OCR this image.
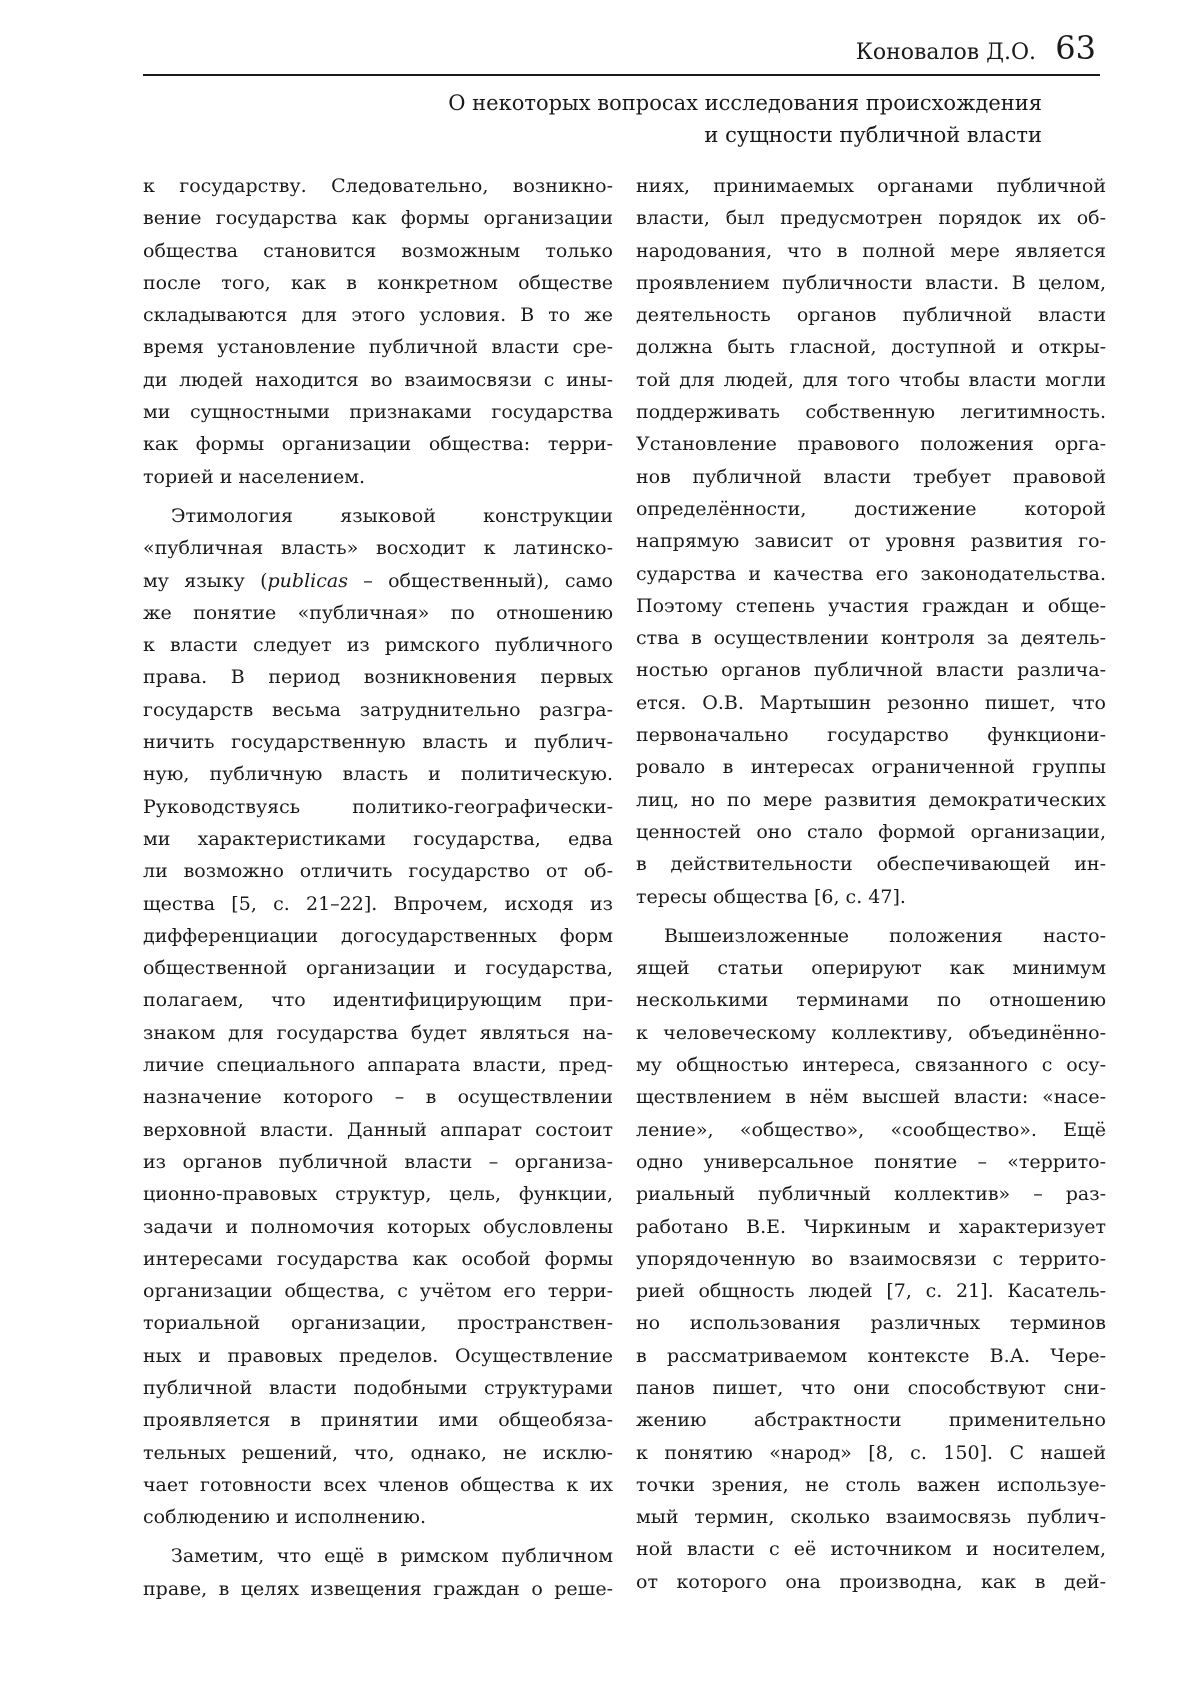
Коновалов Д.О. 63
О некоторых вопросах исследования происхождения
и сущности публичной власти

к государству. Следовательно, возникно-

вение государства как формы организации

общества становится возможным только

после того, как в конкретном обществе

складываются для этого условия. В то же

время установление публичной власти сре-

ди людей находится во взаимосвязи с ины-

ми сущностными признаками государства

как формы организации общества: терри-

торией и населением.

Этимология языковой конструкции

«публичная власть» восходит к латинско-

му языку (publicas – общественный), само

же понятие «публичная» по отношению

к власти следует из римского публичного

права. В период возникновения первых

государств весьма затруднительно разгра-

ничить государственную власть и публич-

ную, публичную власть и политическую.

Руководствуясь политико-географически-

ми характеристиками государства, едва

ли возможно отличить государство от об-

щества [5, с. 21–22]. Впрочем, исходя из

дифференциации догосударственных форм

общественной организации и государства,

полагаем, что идентифицирующим при-

знаком для государства будет являться на-

личие специального аппарата власти, пред-

назначение которого – в осуществлении

верховной власти. Данный аппарат состоит

из органов публичной власти – организа-

ционно-правовых структур, цель, функции,

задачи и полномочия которых обусловлены

интересами государства как особой формы

организации общества, с учётом его терри-

ториальной организации, пространствен-

ных и правовых пределов. Осуществление

публичной власти подобными структурами

проявляется в принятии ими общеобяза-

тельных решений, что, однако, не исклю-

чает готовности всех членов общества к их

соблюдению и исполнению.

Заметим, что ещё в римском публичном

праве, в целях извещения граждан о реше-

ниях, принимаемых органами публичной

власти, был предусмотрен порядок их об-

народования, что в полной мере является

проявлением публичности власти. В целом,

деятельность органов публичной власти

должна быть гласной, доступной и откры-

той для людей, для того чтобы власти могли

поддерживать собственную легитимность.

Установление правового положения орга-

нов публичной власти требует правовой

определённости, достижение которой

напрямую зависит от уровня развития го-

сударства и качества его законодательства.

Поэтому степень участия граждан и обще-

ства в осуществлении контроля за деятель-

ностью органов публичной власти различа-

ется. О.В. Мартышин резонно пишет, что

первоначально государство функциони-

ровало в интересах ограниченной группы

лиц, но по мере развития демократических

ценностей оно стало формой организации,

в действительности обеспечивающей ин-

тересы общества [6, с. 47].

Вышеизложенные положения насто-

ящей статьи оперируют как минимум

несколькими терминами по отношению

к человеческому коллективу, объединённо-

му общностью интереса, связанного с осу-

ществлением в нём высшей власти: «насе-

ление», «общество», «сообщество». Ещё

одно универсальное понятие – «террито-

риальный публичный коллектив» – раз-

работано В.Е. Чиркиным и характеризует

упорядоченную во взаимосвязи с террито-

рией общность людей [7, с. 21]. Касатель-

но использования различных терминов

в рассматриваемом контексте В.А. Чере-

панов пишет, что они способствуют сни-

жению абстрактности применительно

к понятию «народ» [8, с. 150]. С нашей

точки зрения, не столь важен используе-

мый термин, сколько взаимосвязь публич-

ной власти с её источником и носителем,

от которого она производна, как в дей-
